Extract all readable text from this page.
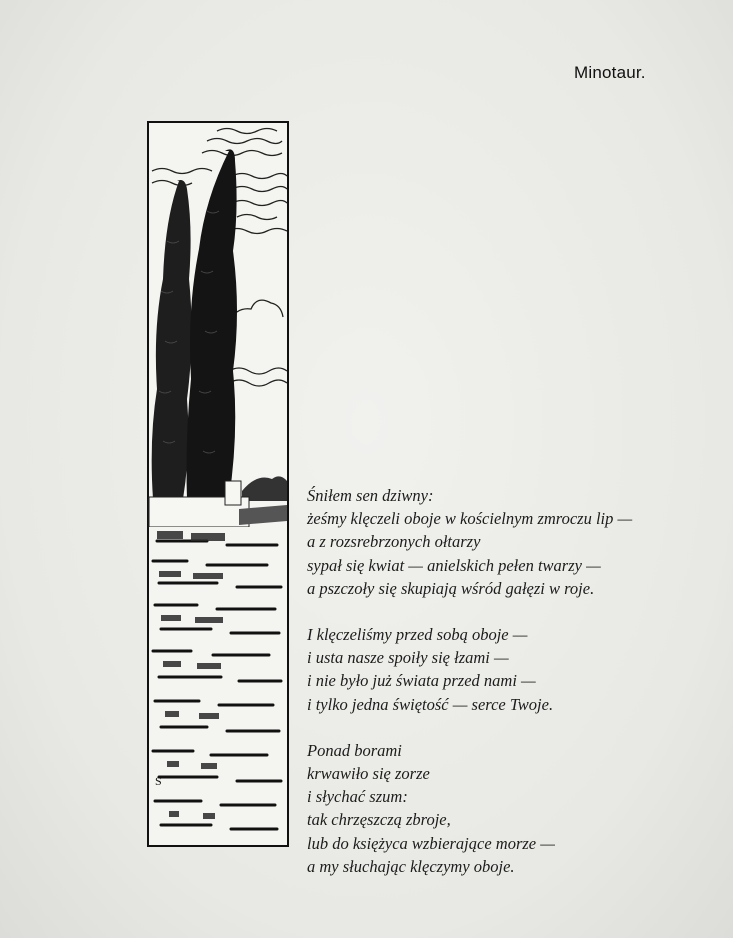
Minotaur.
S
Śniłem sen dziwny:
żeśmy klęczeli oboje w kościelnym zmroczu lip —
a z rozsrebrzonych ołtarzy
sypał się kwiat — anielskich pełen twarzy —
a pszczoły się skupiają wśród gałęzi w roje.
I klęczeliśmy przed sobą oboje —
i usta nasze spoiły się łzami —
i nie było już świata przed nami —
i tylko jedna świętość — serce Twoje.
Ponad borami
krwawiło się zorze
i słychać szum:
tak chrzęszczą zbroje,
lub do księżyca wzbierające morze —
a my słuchając klęczymy oboje.
